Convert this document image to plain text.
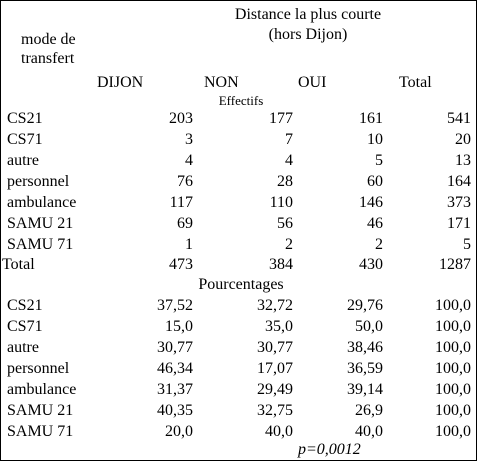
Distance la plus courte
(hors Dijon)
mode de
transfert
DIJON	NON	OUI	Total
Effectifs
CS21	203	177	161	541
CS71	3	7	10	20
autre	4	4	5	13
personnel	76	28	60	164
ambulance	117	110	146	373
SAMU 21	69	56	46	171
SAMU 71	1	2	2	5
Total	473	384	430	1287
Pourcentages
CS21	37,52	32,72	29,76	100,0
CS71	15,0	35,0	50,0	100,0
autre	30,77	30,77	38,46	100,0
personnel	46,34	17,07	36,59	100,0
ambulance	31,37	29,49	39,14	100,0
SAMU 21	40,35	32,75	26,9	100,0
SAMU 71	20,0	40,0	40,0	100,0
p=0,0012
